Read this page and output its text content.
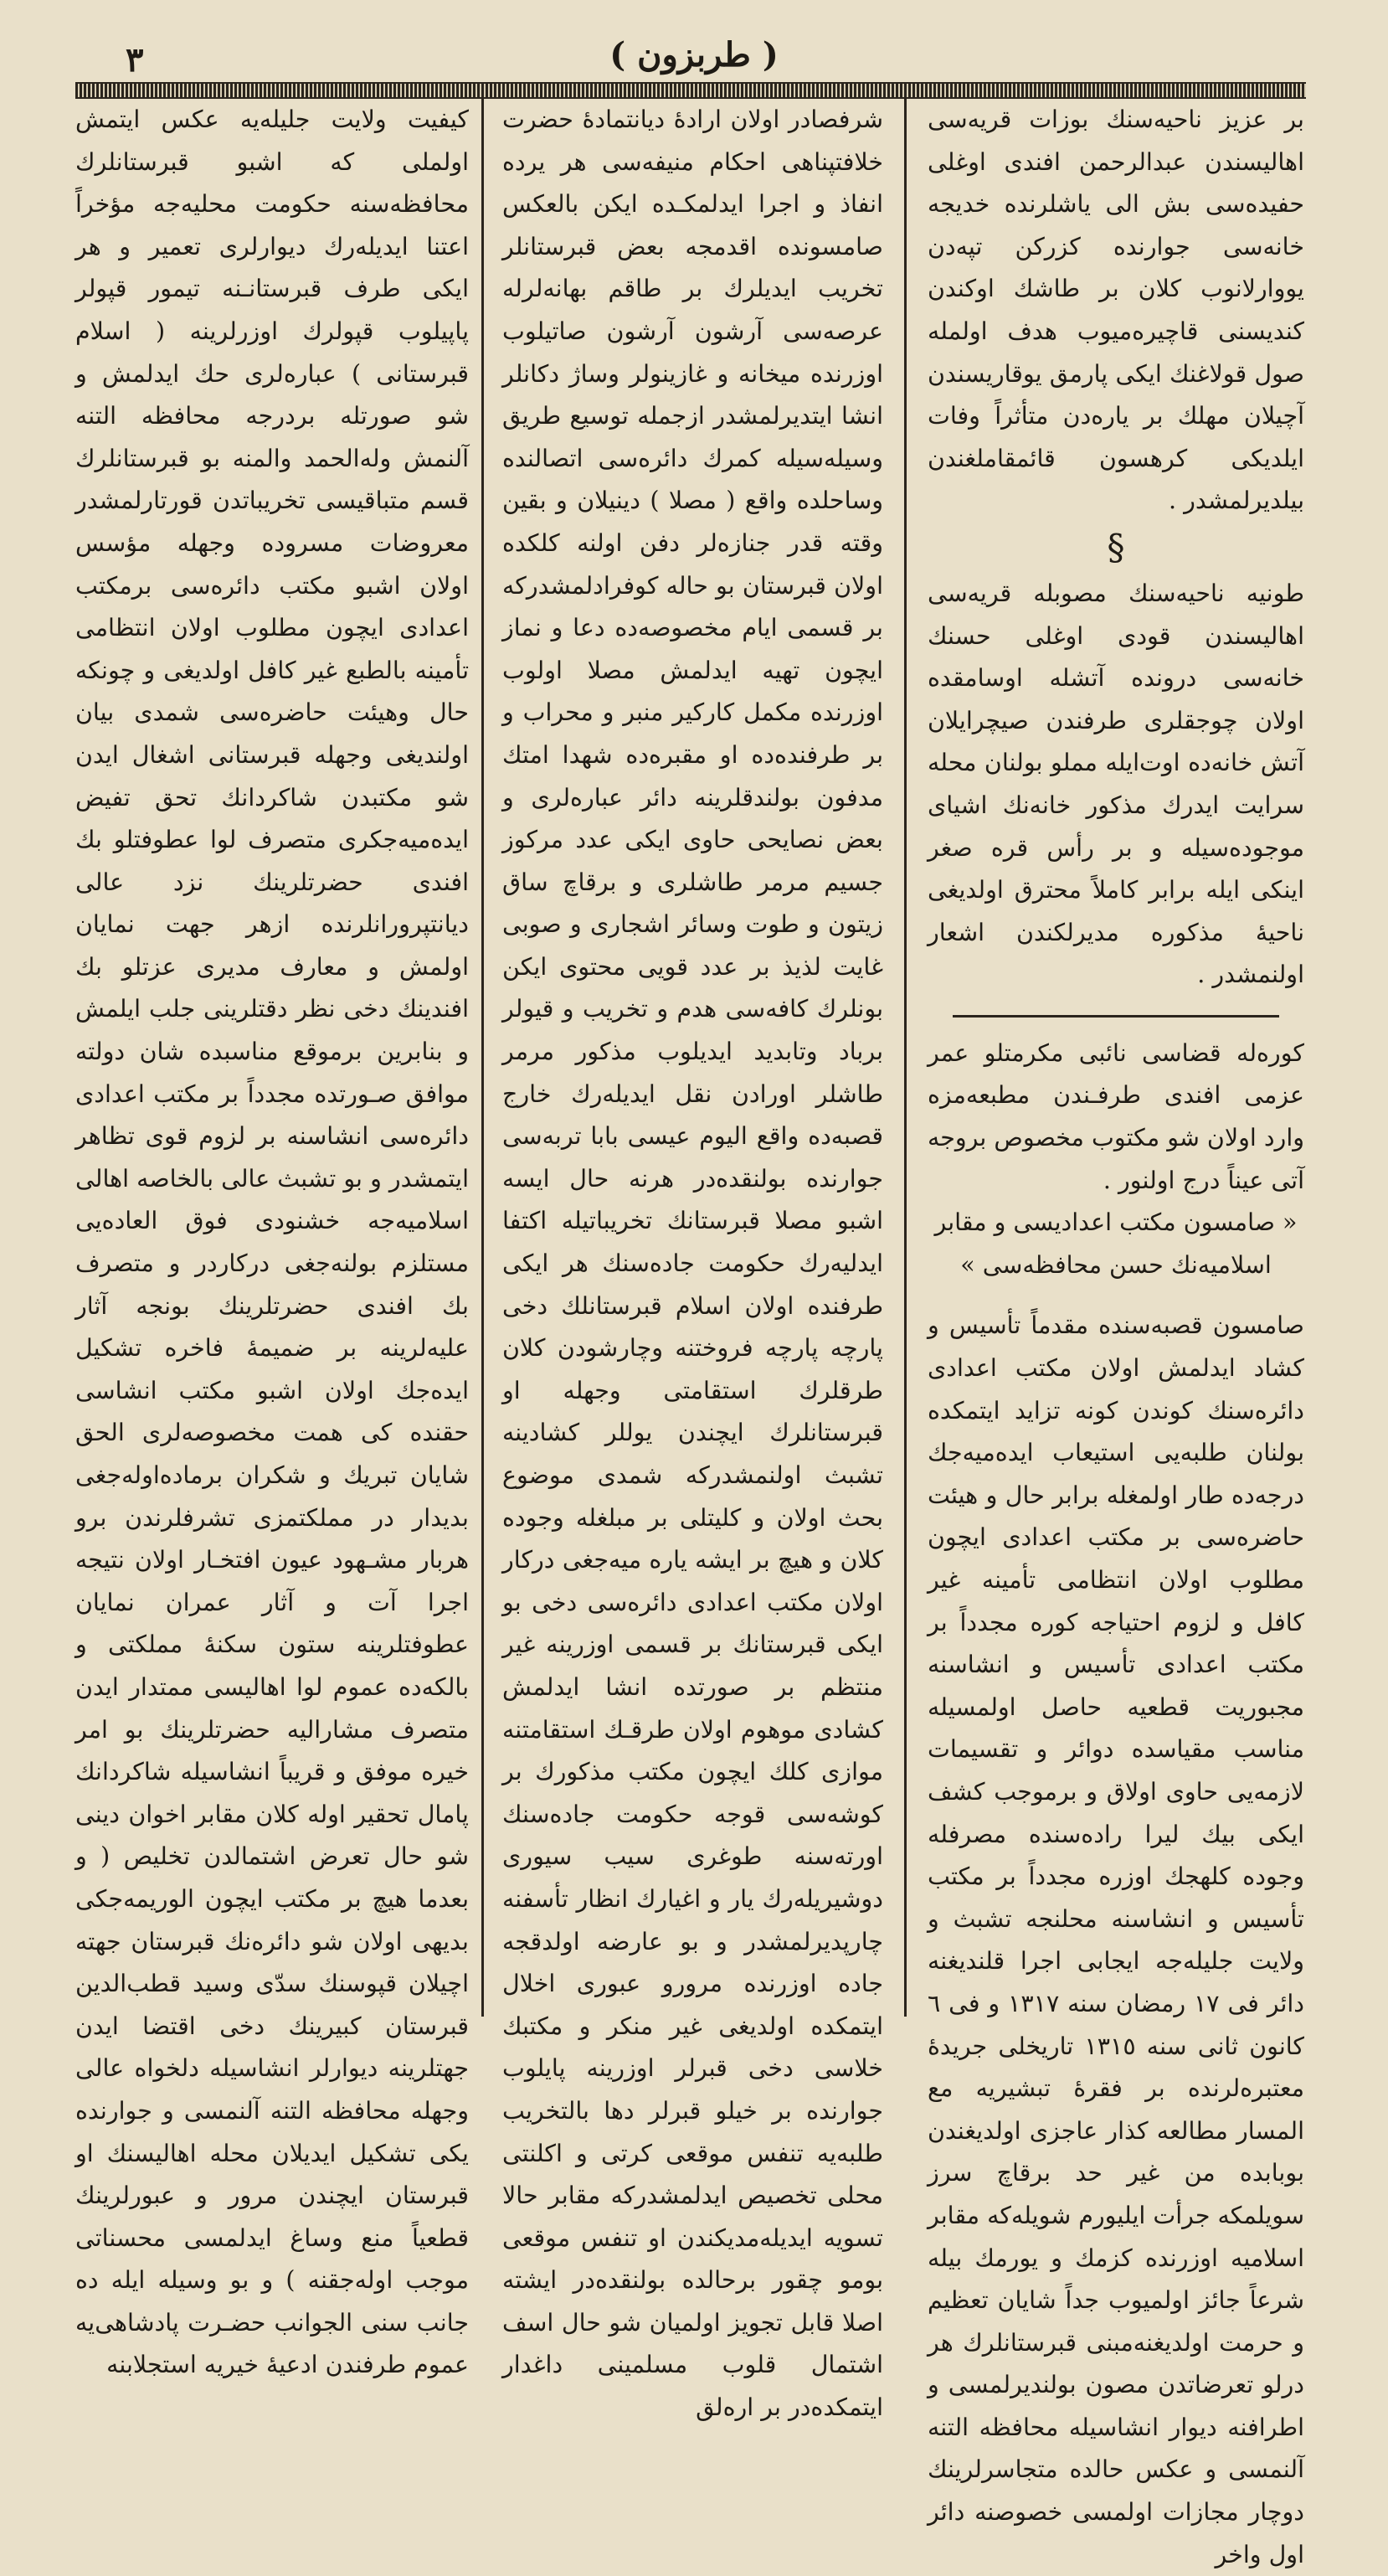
٣	( طربزون )

بر عزیز ناحیه‌سنك بوزات قریه‌سی اهالیسندن عبدالرحمن افندی اوغلی حفیده‌سی بش الی یاشلرنده خدیجه خانه‌سی جوارنده كزركن تپه‌دن یووارلانوب كلان بر طاشك اوكندن كندیسنی قاچیره‌میوب هدف اولمله صول قولاغنك ایكی پارمق یوقاریسندن آچیلان مهلك بر یاره‌دن متأثراً وفات ایلدیكی كرهسون قائمقاملغندن بیلدیرلمشدر .

§

طونیه ناحیه‌سنك مصوبله قریه‌سی اهالیسندن قودی اوغلی حسنك خانه‌سی درونده آتشله اوسامقده اولان چوجقلری طرفندن صیچرایلان آتش خانه‌ده اوت‌ایله مملو بولنان محله سرایت ایدرك مذكور خانه‌نك اشیای موجوده‌سیله و بر رأس قره صغر اینكی ایله برابر كاملاً محترق اولدیغی ناحیهٔ مذكوره مدیرلكندن اشعار اولنمشدر .

كوره‌له قضاسی نائبی مكرمتلو عمر عزمی افندی طرفـندن مطبعه‌مزه وارد اولان شو مكتوب مخصوص بروجه آتی عیناً درج اولنور .

« صامسون مكتب اعدادیسی و مقابر

اسلامیه‌نك حسن محافظه‌سی »

صامسون قصبه‌سنده مقدماً تأسیس و كشاد ایدلمش اولان مكتب اعدادی دائره‌سنك كوندن كونه تزاید ایتمكده بولنان طلبه‌یی استیعاب ایده‌میه‌جك درجه‌ده طار اولمغله برابر حال و هیئت حاضره‌سی بر مكتب اعدادی ایچون مطلوب اولان انتظامی تأمینه غیر كافل و لزوم احتیاجه كوره مجدداً بر مكتب اعدادی تأسیس و انشاسنه مجبوریت قطعیه حاصل اولمسیله مناسب مقیاسده دوائر و تقسیمات لازمه‌یی حاوی اولاق و برموجب كشف ایكی بیك لیرا راده‌سنده مصرفله وجوده كلهجك اوزره مجدداً بر مكتب تأسیس و انشاسنه محلنجه تشبث و ولایت جلیله‌جه ایجابی اجرا قلندیغنه دائر فی ١٧ رمضان سنه ١٣١٧ و فی ٦ كانون ثانی سنه ١٣١٥ تاریخلی جریدهٔ معتبره‌لرنده بر فقرهٔ تبشیریه مع المسار مطالعه كذار عاجزی اولدیغندن بوبابده من غیر حد برقاچ سرز سویلمكه جرأت ایلیورم شویله‌كه مقابر اسلامیه اوزرنده كزمك و یورمك بیله شرعاً جائز اولمیوب جداً شایان تعظیم و حرمت اولدیغنه‌مبنی قبرستانلرك هر درلو تعرضاتدن مصون بولندیرلمسی و اطرافنه دیوار انشاسیله محافظه التنه آلنمسی و عكس حالده متجاسرلرینك دوچار مجازات اولمسی خصوصنه دائر اول واخر

شرفصادر اولان ارادهٔ دیانتمادهٔ حضرت خلافتپناهی احكام منیفه‌سی هر یرده انفاذ و اجرا ایدلمكـده ایكن بالعكس صامسونده اقدمجه بعض قبرستانلر تخریب ایدیلرك بر طاقم بهانه‌لرله عرصه‌سی آرشون آرشون صاتیلوب اوزرنده میخانه و غازینولر وساژ دكانلر انشا ایتدیرلمشدر ازجمله توسیع طریق وسیله‌سیله كمرك دائره‌سی اتصالنده وساحلده واقع ( مصلا ) دینیلان و بقین وقته قدر جنازه‌لر دفن اولنه كلكده اولان قبرستان بو حاله كوفرادلمشدركه بر قسمی ایام مخصوصه‌ده دعا و نماز ایچون تهیه ایدلمش مصلا اولوب اوزرنده مكمل كاركیر منبر و محراب و بر طرفنده‌ده او مقبره‌ده شهدا امتك مدفون بولندقلرینه دائر عباره‌لری و بعض نصایحی حاوی ایكی عدد مركوز جسیم مرمر طاشلری و برقاچ ساق زیتون و طوت وسائر اشجاری و صوبی غایت لذیذ بر عدد قویی محتوی ایكن بونلرك كافه‌سی هدم و تخریب و قیولر برباد وتابدید ایدیلوب مذكور مرمر طاشلر اورادن نقل ایدیله‌رك خارج قصبه‌ده واقع الیوم عیسی بابا تربه‌سی جوارنده بولنقده‌در هرنه حال ایسه اشبو مصلا قبرستانك تخریباتیله اكتفا ایدلیه‌رك حكومت جاده‌سنك هر ایكی طرفنده اولان اسلام قبرستانلك دخی پارچه پارچه فروختنه وچارشودن كلان طرقلرك استقامتی وجهله او قبرستانلرك ایچندن یوللر كشادینه تشبث اولنمشدركه شمدی موضوع بحث اولان و كلیتلی بر مبلغله وجوده كلان و هیچ بر ایشه یاره میه‌جغی دركار اولان مكتب اعدادی دائره‌سی دخی بو ایكی قبرستانك بر قسمی اوزرینه غیر منتظم بر صورتده انشا ایدلمش كشادی موهوم اولان طرقـك استقامتنه موازی كلك ایچون مكتب مذكورك بر كوشه‌سی قوجه حكومت جاده‌سنك اورته‌سنه طوغری سیب سیوری دوشیریله‌رك یار و اغیارك انظار تأسفنه چارپدیرلمشدر و بو عارضه اولدقجه جاده اوزرنده مرورو عبوری اخلال ایتمكده اولدیغی غیر منكر و مكتبك خلاسی دخی قبرلر اوزرینه پایلوب جوارنده بر خیلو قبرلر دها بالتخریب طلبه‌یه تنفس موقعی كرتی و اكلنتی محلی تخصیص ایدلمشدركه مقابر حالا تسویه ایدیله‌مدیكندن او تنفس موقعی بومو چقور برحالده بولنقده‌در ایشته اصلا قابل تجویز اولمیان شو حال اسف اشتمال قلوب مسلمینی داغدار ایتمكده‌در بر اره‌لق

كیفیت ولایت جلیله‌یه عكس ایتمش اولملی كه اشبو قبرستانلرك محافظه‌سنه حكومت محلیه‌جه مؤخراً اعتنا ایدیله‌رك دیوارلری تعمیر و هر ایكی طرف قبرستانـنه تیمور قپولر پاپیلوب قپولرك اوزرلرینه ( اسلام قبرستانی ) عباره‌لری حك ایدلمش و شو صورتله بردرجه محافظه التنه آلنمش وله‌الحمد والمنه بو قبرستانلرك قسم متباقیسی تخریباتدن قورتارلمشدر معروضات مسروده وجهله مؤسس اولان اشبو مكتب دائره‌سی برمكتب اعدادی ایچون مطلوب اولان انتظامی تأمینه بالطبع غیر كافل اولدیغی و چونكه حال وهیئت حاضره‌سی شمدی بیان اولندیغی وجهله قبرستانی اشغال ایدن شو مكتبدن شاكردانك تحق تفیض ایده‌میه‌جكری متصرف لوا عطوفتلو بك افندی حضرتلرینك نزد عالی دیانتپرورانلرنده ازهر جهت نمایان اولمش و معارف مدیری عزتلو بك افندینك دخی نظر دقتلرینی جلب ایلمش و بنابرین برموقع مناسبده شان دولته موافق صـورتده مجدداً بر مكتب اعدادی دائره‌سی انشاسنه بر لزوم قوی تظاهر ایتمشدر و بو تشبث عالی بالخاصه اهالی اسلامیه‌جه خشنودی فوق العاده‌یی مستلزم بولنه‌جغی دركاردر و متصرف بك افندی حضرتلرینك بونجه آثار علیه‌لرینه بر ضمیمهٔ فاخره تشكیل ایده‌جك اولان اشبو مكتب انشاسی حقنده كی همت مخصوصه‌لری الحق شایان تبریك و شكران برماده‌اوله‌جغی بدیدار در مملكتمزی تشرفلرندن برو هربار مشـهود عیون افتخـار اولان نتیجه اجرا آت و آثار عمران نمایان عطوفتلرینه ستون سكنهٔ مملكتی و بالكه‌ده عموم لوا اهالیسی ممتدار ایدن متصرف مشارالیه حضرتلرینك بو امر خیره موفق و قریباً انشاسیله شاكردانك پامال تحقیر اوله كلان مقابر اخوان دینی شو حال تعرض اشتمالدن تخلیص ( و بعدما هیچ بر مكتب ایچون الوریمه‌جكی بدیهی اولان شو دائره‌نك قبرستان جهته اچیلان قپوسنك سدّی وسید قطب‌الدین قبرستان كبیرینك دخی اقتضا ایدن جهتلرینه دیوارلر انشاسیله دلخواه عالی وجهله محافظه التنه آلنمسی و جوارنده یكی تشكیل ایدیلان محله اهالیسنك او قبرستان ایچندن مرور و عبورلرینك قطعیاً منع وساغ ایدلمسی محسناتی موجب اوله‌جقنه ) و بو وسیله ایله ده جانب سنی الجوانب حضـرت پادشاهی‌یه عموم طرفندن ادعیهٔ خیریه استجلابنه
